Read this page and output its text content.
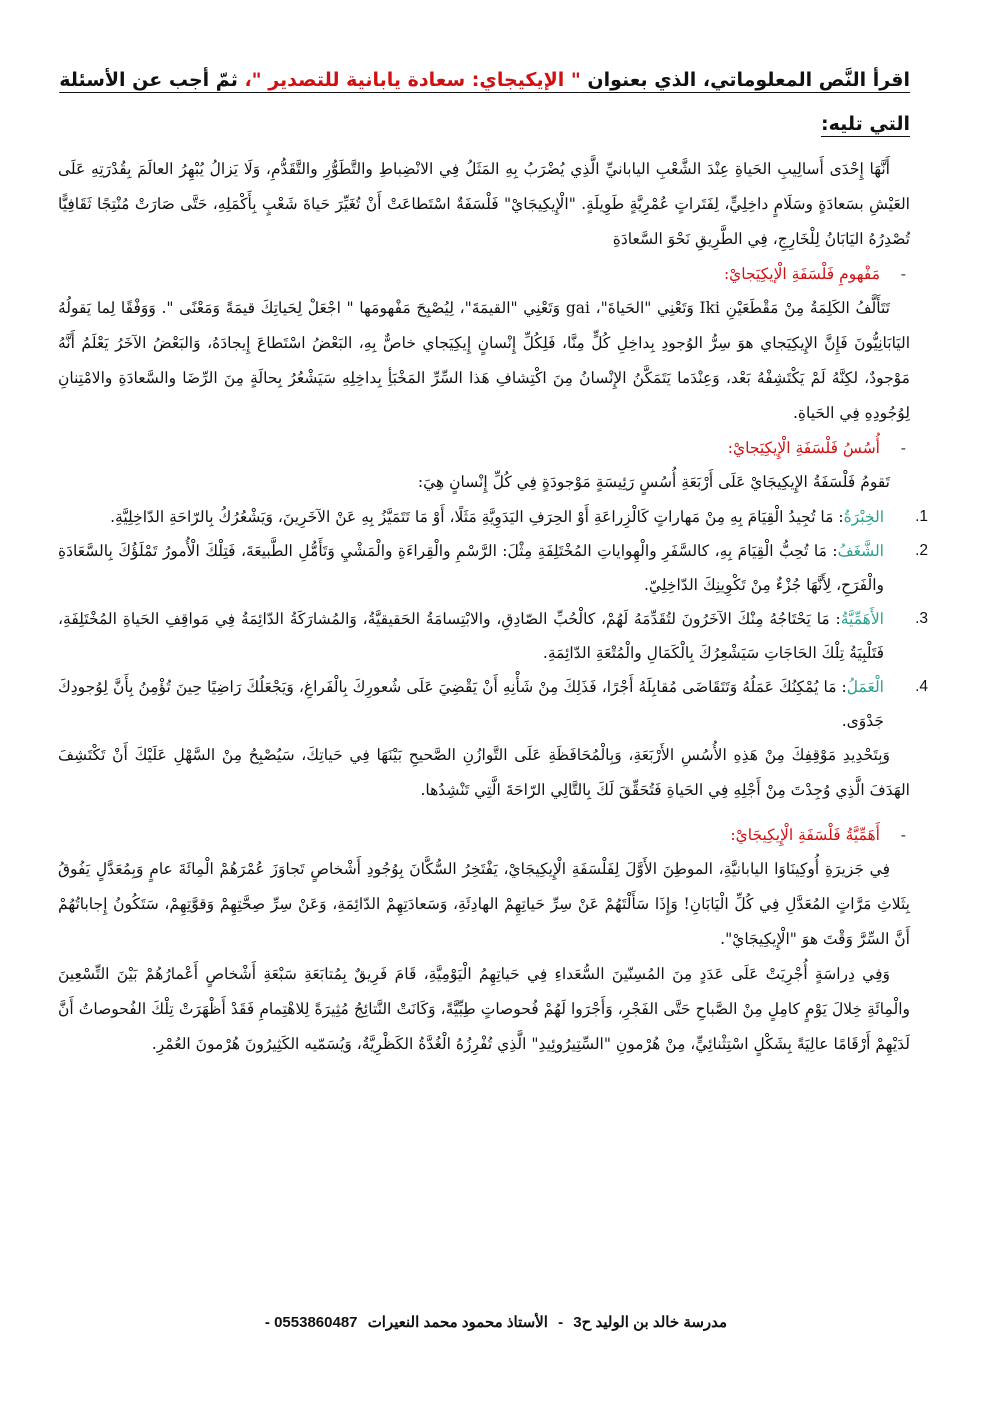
اقرأ النَّص المعلوماتي، الذي بعنوان " الإيكيجاي: سعادة يابانية للتصدير "، ثمّ أجب عن الأسئلة التي تليه:

أَنَّهَا إِحْدَى أَسالِيبِ الحَياةِ عِنْدَ الشَّعْبِ اليابانيِّ الَّذِي يُضْرَبُ بِهِ المَثَلُ فِي الانْضِباطِ والتَّطَوُّرِ والتَّقَدُّمِ، وَلَا يَزالُ يُبْهِرُ العالَمَ بِقُدْرَتِهِ عَلَى العَيْشِ بسَعادَةٍ وسَلَامٍ داخِلِيٍّ، لِفَتَراتٍ عُمْرِيَّةٍ طَوِيلَةٍ. "الْإِيكِيجَايْ" فَلْسَفَةٌ اسْتَطاعَتْ أَنْ تُغَيِّرَ حَياةَ شَعْبٍ بِأَكْمَلِهِ، حَتَّى صَارَتْ مُنْتِجًا ثَقَافِيًّا تُصْدِرُهُ اليَابَانُ لِلْخَارِجِ، فِي الطَّرِيقِ نَحْوَ السَّعادَةِ

-
مَفْهومِ فَلْسَفَةِ الْإيكِيَجايْ:

تَتَأَلَّفُ الكَلِمَةُ مِنْ مَقْطَعَيْنِ Iki وَتَعْنِي "الحَياةَ"، gai وَتَعْنِي "القيمَةَ"، لِيُصْبِحَ مَفْهومَها " اجْعَلْ لِحَياتِكَ قيمَةً وَمَعْنًى ". وَوَفْقًا لِما يَقولُهُ اليَابَانِيُّونَ فَإِنَّ الإِيكِيَجاي هوَ سِرُّ الوُجودِ بِداخِلِ كُلٍّ مِنَّا، فَلِكُلِّ إِنْسانٍ إِيكِيَجاي خاصٌّ بِهِ، البَعْضُ اسْتَطاعَ إِيجادَهُ، وَالبَعْضُ الآخَرُ يَعْلَمُ أَنَّهُ مَوْجودٌ، لكِنَّهُ لَمْ يَكْتَشِفْهُ بَعْد، وَعِنْدَما يَتَمَكَّنُ الإِنْسانُ مِنَ اكْتِشافِ هَذا السِّرِّ المَخْبَأِ بِداخِلِهِ سَيَشْعُرُ بِحالَةٍ مِنَ الرِّضَا والسَّعادَةِ والامْتِنانِ لِوُجُودِهِ فِي الحَياةِ.

-
أُسُسُ فَلْسَفَةِ الْإِيكِيَجايْ:

تَقومُ فَلْسَفَةُ الإِيكِيجَايْ عَلَى أَرْبَعَةِ أُسُسٍ رَئِيسَةٍ مَوْجودَةٍ فِي كُلِّ إِنْسانٍ هِيَ:

1.
الخِبْرَةُ: مَا تُجِيدُ الْقِيَامَ بِهِ مِنْ مَهاراتٍ كَالْزِراعَةِ أَوْ الحِرَفِ اليَدَوِيَّةِ مَثَلًا، أَوْ مَا تَتَمَيَّزُ بِهِ عَنْ الآخَرِينَ، وَيَشْعُرُكُ بِالرّاحَةِ الدّاخِلِيَّةِ.
2.
الشَّغَفُ: مَا تُحِبُّ الْقِيَامَ بِهِ، كالسَّفَرِ والْهِواياتِ المُخْتَلِفَةِ مِثْلَ: الرَّسْمِ والْقِراءَةِ والْمَشْيِ وَتَأَمُّلِ الطَّبيعَةَ، فَتِلْكَ الْأُمورُ تَمْلَؤُكَ بِالسَّعَادَةِ والْفَرَحِ، لِأَنَّهَا جُزْءٌ مِنْ تَكْوِينِكَ الدّاخِلِيّ.
3.
الأَهَمِّيَّةُ: مَا يَحْتَاجُهُ مِنْكَ الآخَرُونَ لتُقَدِّمَهُ لَهُمْ، كالْحُبِّ الصّادِقِ، والابْتِسامَةُ الحَقيقيَّةُ، وَالمُشارَكَةُ الدّائِمَةُ فِي مَواقِفِ الحَياةِ المُخْتَلِفَةِ، فَتَلْبِيَةُ تِلْكَ الحَاجَاتِ سَيَشْعِرُكَ بِالْكَمَالِ والْمُتْعَةِ الدّائِمَةِ.
4.
الْعَمَلُ: مَا يُمْكِنُكَ عَمَلُهُ وَتَتَقَاضَى مُقابِلَهُ أَجْرًا، فَذَلِكَ مِنْ شَأْنِهِ أَنْ يَقْضِيَ عَلَى شُعورِكَ بِالْفَراغِ، وَيَجْعَلُكَ رَاضِيًا حِينَ تُؤْمِنُ بِأَنَّ لِوُجودِكَ جَدْوَى.

وَبِتَحْدِيدِ مَوْقِفِكَ مِنْ هَذِهِ الأُسُسِ الأَرْبَعَةِ، وَبِالْمُحَافَظَةِ عَلَى التَّوازُنِ الصَّحيحِ بَيْنَهَا فِي حَياتِكَ، سَيُصْبِحُ مِنْ السَّهْلِ عَلَيْكَ أَنْ تَكْتَشِفَ الهَدَفَ الَّذِي وُجِدْتَ مِنْ أَجْلِهِ فِي الحَياةِ فَتُحَقِّقَ لَكَ بِالتَّالِي الرّاحَةَ الَّتِي تَنْشِدُها.

-
أَهَمِّيَّةُ فَلْسَفَةِ الْإِيكِيجَايْ:

فِي جَزيرَةِ أُوكِينَاوَا اليابانيَّةِ، الموطِنَ الأَوَّلَ لِفَلْسَفَةِ الْإِيكِيجَايْ، يَفْتَخِرُ السُّكَّانَ بِوُجُودِ أَشْخاصٍ تَجاوَزَ عُمْرَهُمْ الْمِائَةَ عامٍ وَبِمُعَدَّلٍ يَفُوقُ بِثَلاثِ مَرَّاتٍ المُعَدَّلِ فِي كُلِّ الْيَابَانِ! وَإِذَا سَأَلْتَهُمْ عَنْ سِرِّ حَياتِهِمْ الهادِئَةِ، وَسَعادَتِهِمْ الدّائِمَةِ، وَعَنْ سِرِّ صِحَّتِهِمْ وَقوَّتِهِمْ، سَتَكُونُ إِجاباتُهُمْ أَنَّ السِّرَّ وَقْتَ هوَ "الْإِيكِيجَايْ".

وَفِي دِراسَةٍ أُجْرِيَتْ عَلَى عَدَدٍ مِنَ المُسِنّينَ السُّعَداءِ فِي حَياتِهِمُ الْيَوْمِيَّةِ، قَامَ فَرِيقٌ بِمُتابَعَةِ سَبْعَةِ أَشْخاصٍ أَعْمارُهُمْ بَيْنَ التِّسْعِينَ والْمِائَةِ خِلالَ يَوْمٍ كامِلٍ مِنْ الصَّباحِ حَتَّى الفَجْرِ، وَأَجْرَوا لَهُمْ فُحوصاتٍ طِبِّيَّةً، وَكَانَتْ النَّتائِجُ مُثِيرَةً لِلاهْتِمامِ فَقَدْ أَظْهَرَتْ تِلْكَ الفُحوصاتُ أَنَّ لَدَيْهِمْ أَرْقَامًا عالِيَةً بِشَكْلٍ اسْتِثْنائِيٍّ، مِنْ هُرْمونِ "السِّتِيرُوئِيدِ" الَّذِي تُفْرِزُهُ الْغُدَّةُ الكَظْرِيَّةُ، وَيُسَمّيه الكَثِيرُونَ هُرْمونَ العُمْرِ.

مدرسة خالد بن الوليد ح3 - الأستاذ محمود محمد النعيرات 0553860487 -
